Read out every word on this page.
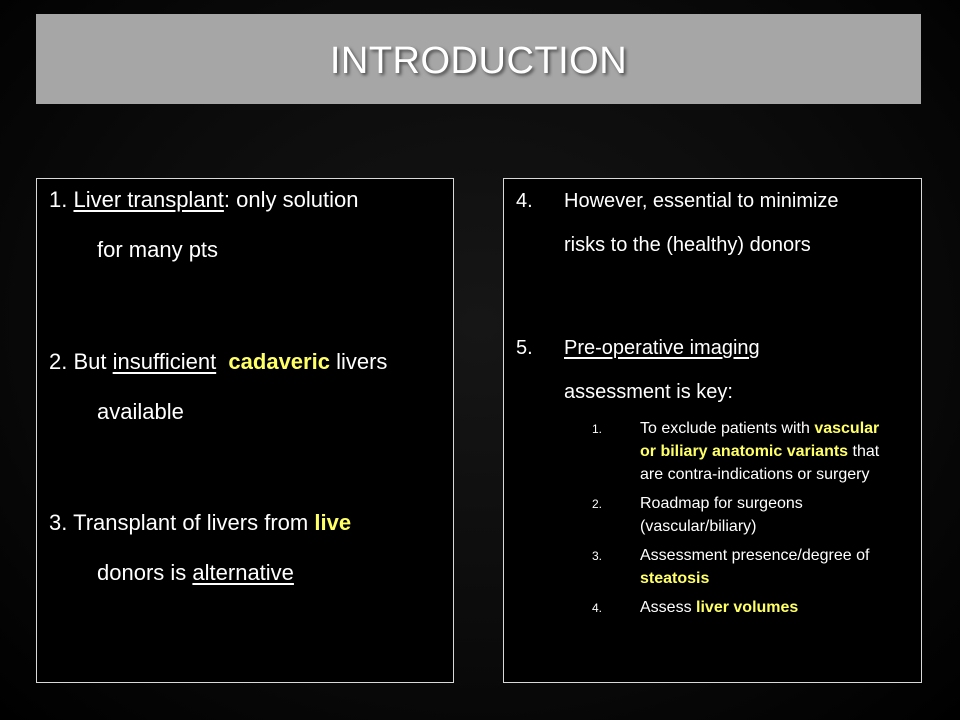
INTRODUCTION
1. Liver transplant: only solution
for many pts
2. But insufficient cadaveric livers
available
3. Transplant of livers from live
donors is alternative
4.	However, essential to minimize
risks to the (healthy) donors
5.	Pre-operative imaging
assessment is key:
1. To exclude patients with vascular or biliary anatomic variants that are contra-indications or surgery
2. Roadmap for surgeons (vascular/biliary)
3. Assessment presence/degree of steatosis
4. Assess liver volumes
